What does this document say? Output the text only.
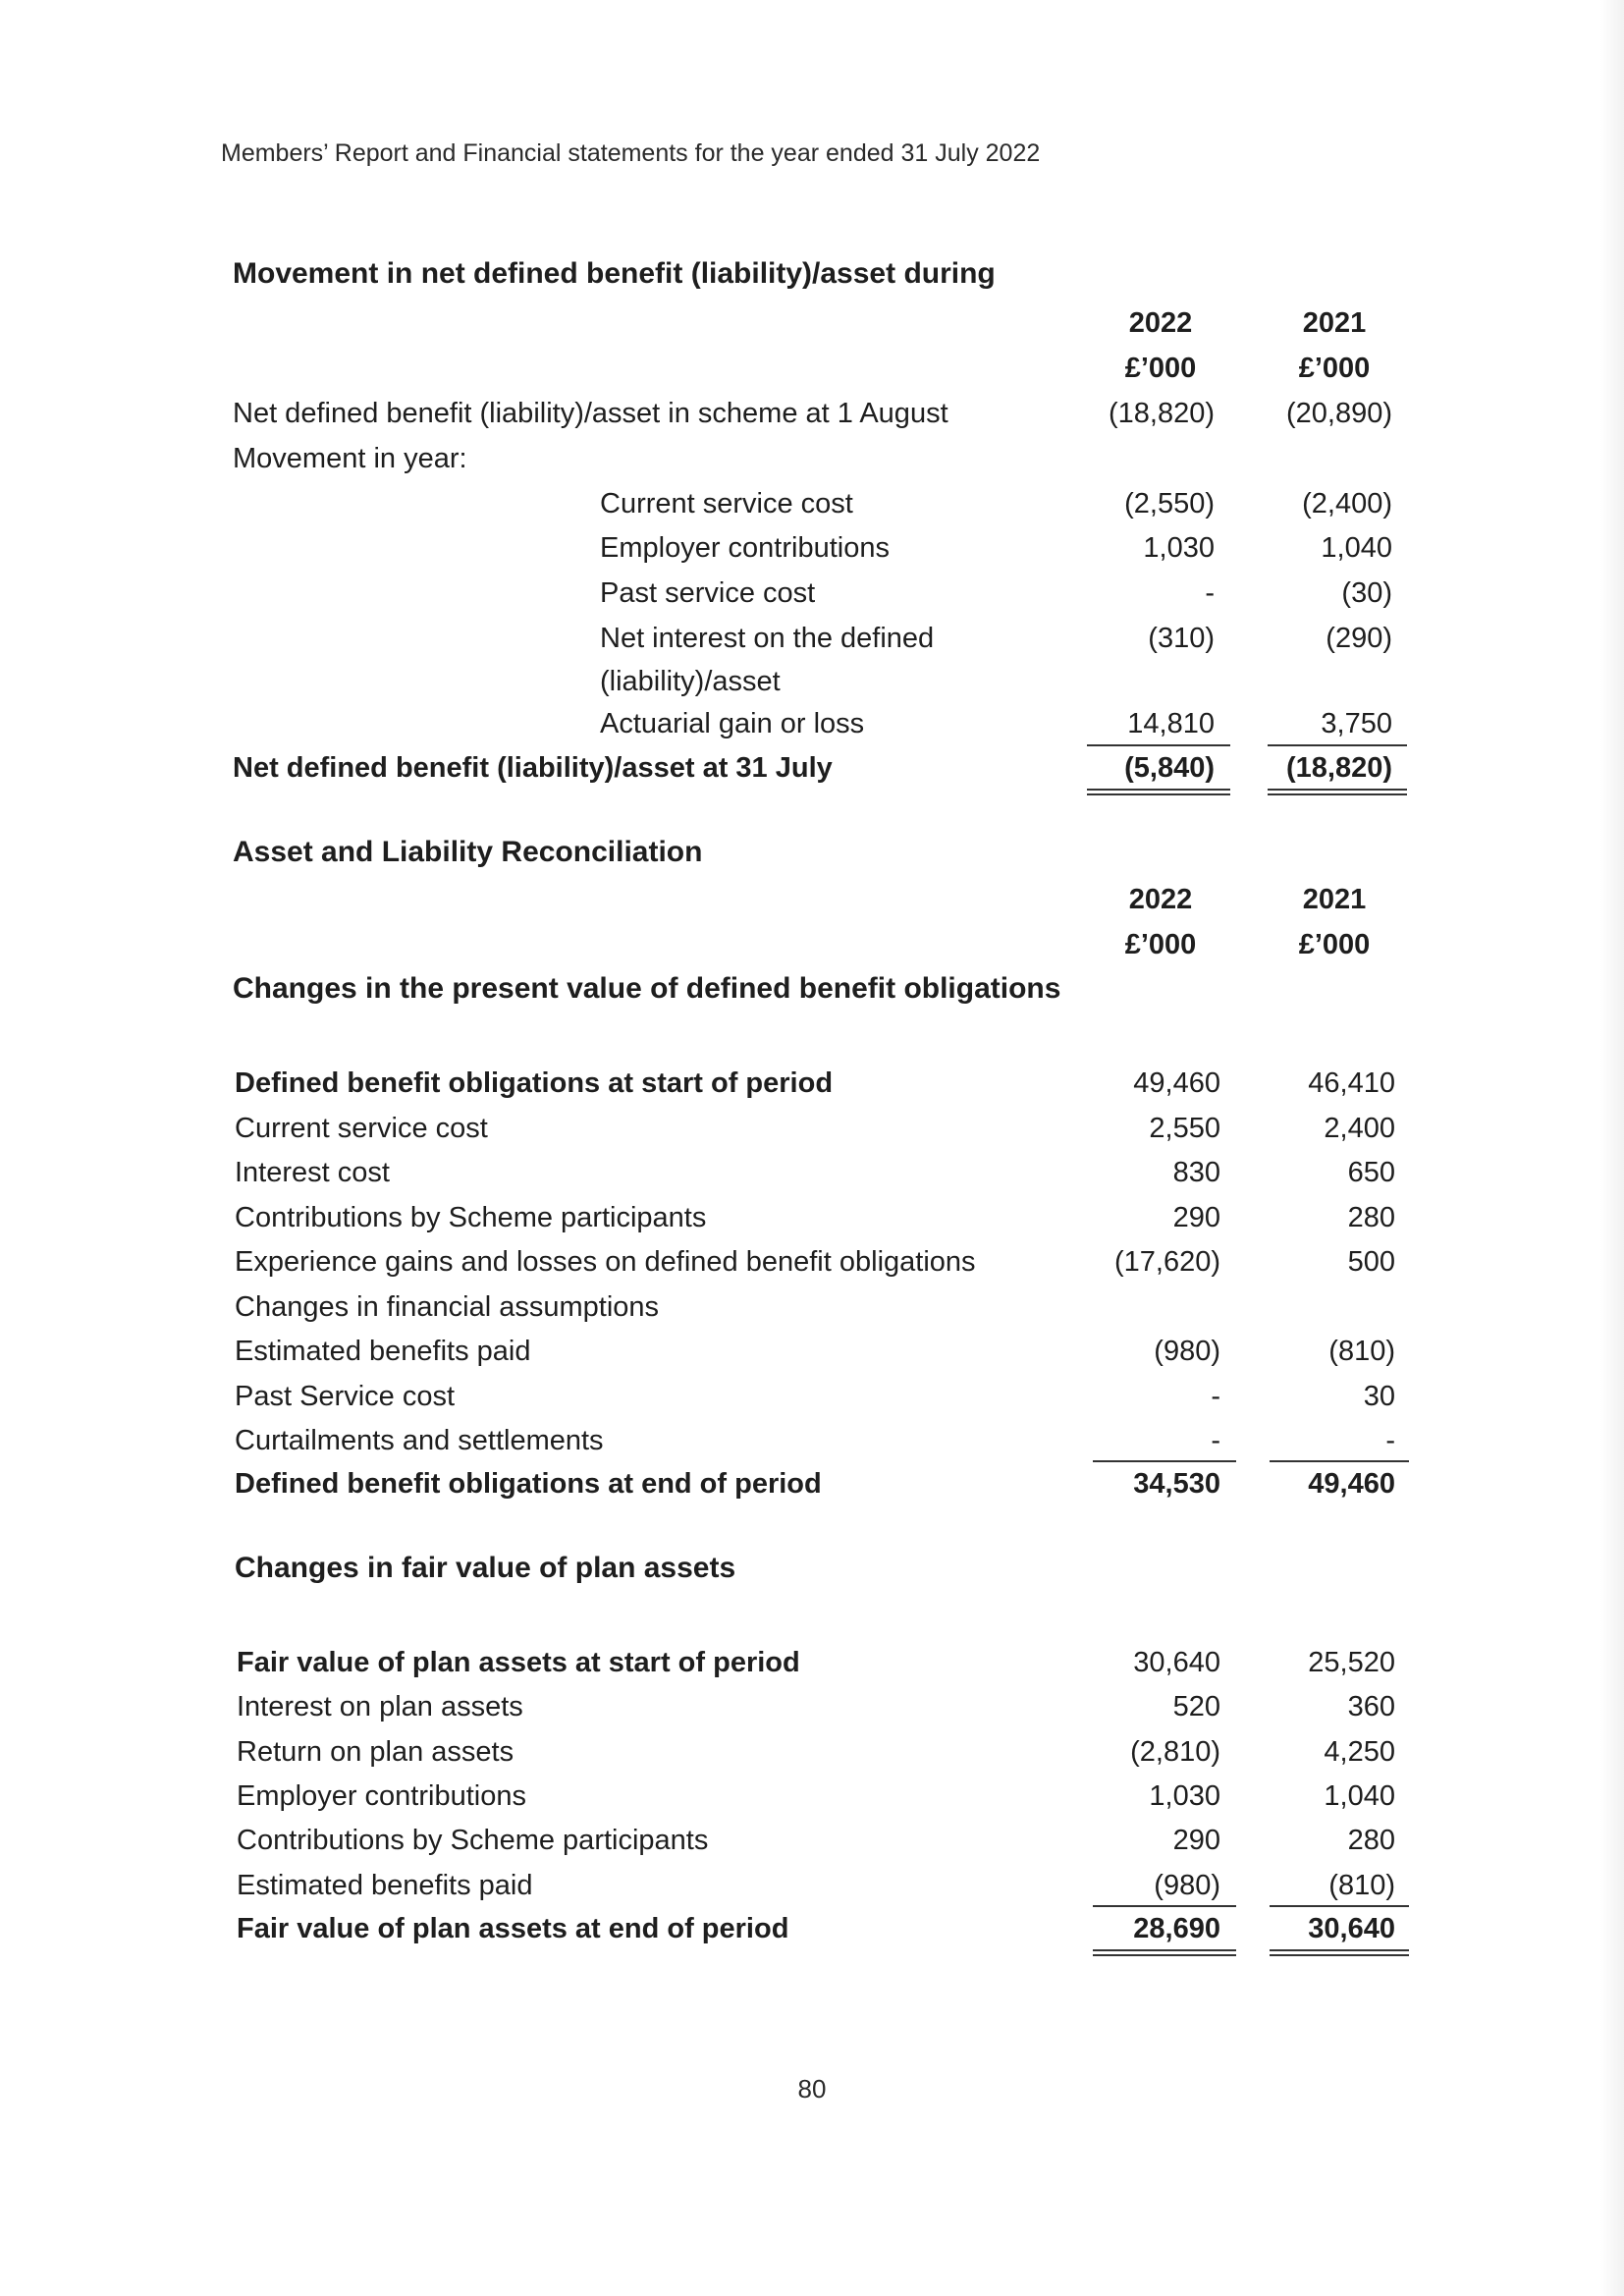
Members’ Report and Financial statements for the year ended 31 July 2022
Movement in net defined benefit (liability)/asset during
2022	2021
£’000	£’000
Net defined benefit (liability)/asset in scheme at 1 August	(18,820)	(20,890)
Movement in year:
Current service cost	(2,550)	(2,400)
Employer contributions	1,030	1,040
Past service cost	-	(30)
Net interest on the defined	(310)	(290)
(liability)/asset
Actuarial gain or loss	14,810	3,750
Net defined benefit (liability)/asset at 31 July	(5,840)	(18,820)
Asset and Liability Reconciliation
2022	2021
£’000	£’000
Changes in the present value of defined benefit obligations
Defined benefit obligations at start of period	49,460	46,410
Current service cost	2,550	2,400
Interest cost	830	650
Contributions by Scheme participants	290	280
Experience gains and losses on defined benefit obligations	(17,620)	500
Changes in financial assumptions
Estimated benefits paid	(980)	(810)
Past Service cost	-	30
Curtailments and settlements	-	-
Defined benefit obligations at end of period	34,530	49,460
Changes in fair value of plan assets
Fair value of plan assets at start of period	30,640	25,520
Interest on plan assets	520	360
Return on plan assets	(2,810)	4,250
Employer contributions	1,030	1,040
Contributions by Scheme participants	290	280
Estimated benefits paid	(980)	(810)
Fair value of plan assets at end of period	28,690	30,640
80
